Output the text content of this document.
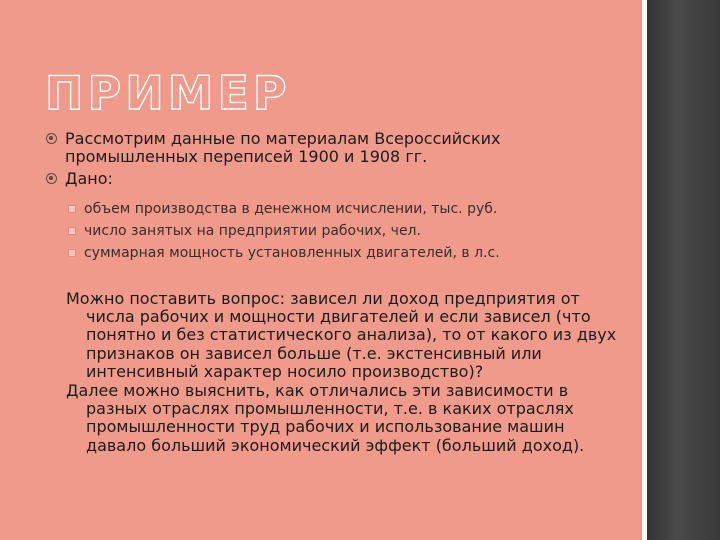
ПРИМЕР
Рассмотрим данные по материалам Всероссийских промышленных переписей 1900 и 1908 гг.
Дано:
объем производства в денежном исчислении, тыс. руб.
число занятых на предприятии рабочих, чел.
суммарная мощность установленных двигателей, в л.с.

Можно поставить вопрос: зависел ли доход предприятия от числа рабочих и мощности двигателей и если зависел (что понятно и без статистического анализа), то от какого из двух признаков он зависел больше (т.е. экстенсивный или интенсивный характер носило производство)?

Далее можно выяснить, как отличались эти зависимости в разных отраслях промышленности, т.е. в каких отраслях промышленности труд рабочих и использование машин давало больший экономический эффект (больший доход).
